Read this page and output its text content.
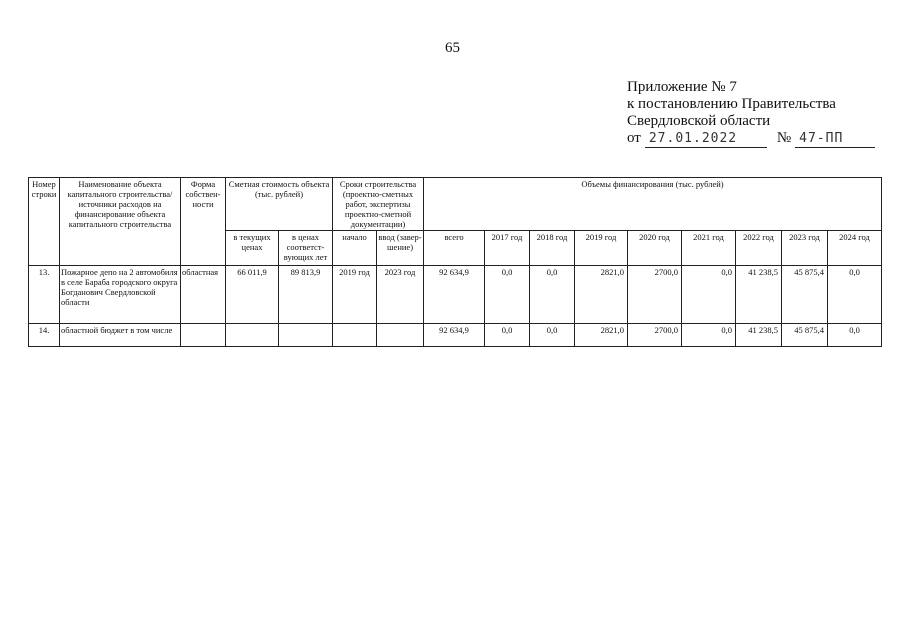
65
Приложение № 7
к постановлению Правительства
Свердловской области
от 27.01.2022	№ 47-ПП
Номер строки	Наименование объекта капитального строительства/источники расходов на финансирование объекта капитального строительства	Форма собствен-ности	Сметная стоимость объекта (тыс. рублей)		Сроки строительства (проектно-сметных работ, экспертизы проектно-сметной документации)		Объемы финансирования (тыс. рублей)								
			в текущих ценах	в ценах соответст-вующих лет	начало	ввод (завер-шение)	всего	2017 год	2018 год	2019 год	2020 год	2021 год	2022 год	2023 год	2024 год
13.	Пожарное депо на 2 автомобиля в селе Бараба городского округа Богданович Свердловской области	областная	66 011,9	89 813,9	2019 год	2023 год	92 634,9	0,0	0,0	2821,0	2700,0	0,0	41 238,5	45 875,4	0,0
14.	областной бюджет в том числе						92 634,9	0,0	0,0	2821,0	2700,0	0,0	41 238,5	45 875,4	0,0
